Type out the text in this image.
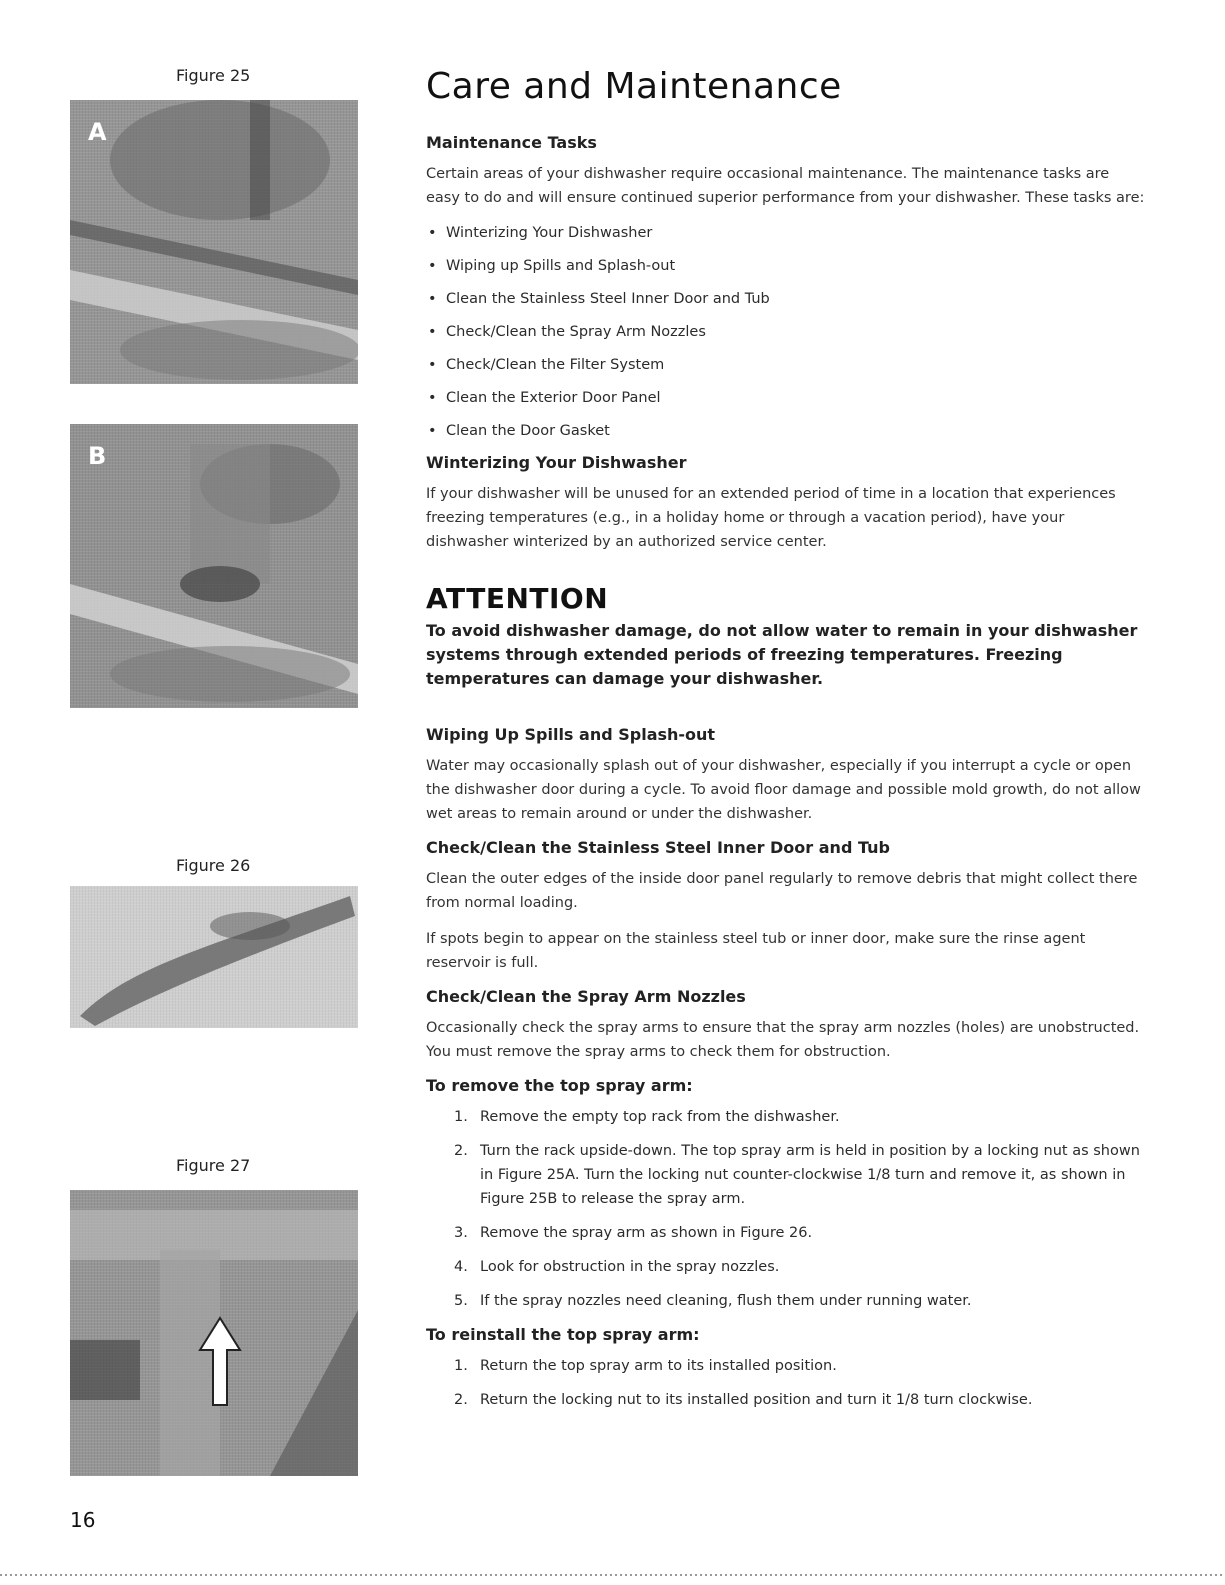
Figure 25
A
B
Figure 26
Figure 27
Care and Maintenance
Maintenance Tasks

Certain areas of your dishwasher require occasional maintenance. The maintenance tasks are easy to do and will ensure continued superior performance from your dishwasher. These tasks are:

• Winterizing Your Dishwasher
• Wiping up Spills and Splash-out
• Clean the Stainless Steel Inner Door and Tub
• Check/Clean the Spray Arm Nozzles
• Check/Clean the Filter System
• Clean the Exterior Door Panel
• Clean the Door Gasket
Winterizing Your Dishwasher

If your dishwasher will be unused for an extended period of time in a location that experiences freezing temperatures (e.g., in a holiday home or through a vacation period), have your dishwasher winterized by an authorized service center.

ATTENTION

To avoid dishwasher damage, do not allow water to remain in your dishwasher systems through extended periods of freezing temperatures. Freezing temperatures can damage your dishwasher.

Wiping Up Spills and Splash-out

Water may occasionally splash out of your dishwasher, especially if you interrupt a cycle or open the dishwasher door during a cycle. To avoid floor damage and possible mold growth, do not allow wet areas to remain around or under the dishwasher.

Check/Clean the Stainless Steel Inner Door and Tub

Clean the outer edges of the inside door panel regularly to remove debris that might collect there from normal loading.

If spots begin to appear on the stainless steel tub or inner door, make sure the rinse agent reservoir is full.

Check/Clean the Spray Arm Nozzles

Occasionally check the spray arms to ensure that the spray arm nozzles (holes) are unobstructed. You must remove the spray arms to check them for obstruction.

To remove the top spray arm:
1. Remove the empty top rack from the dishwasher.
2. Turn the rack upside-down. The top spray arm is held in position by a locking nut as shown in Figure 25A. Turn the locking nut counter-clockwise 1/8 turn and remove it, as shown in Figure 25B to release the spray arm.
3. Remove the spray arm as shown in Figure 26.
4. Look for obstruction in the spray nozzles.
5. If the spray nozzles need cleaning, flush them under running water.
To reinstall the top spray arm:
1. Return the top spray arm to its installed position.
2. Return the locking nut to its installed position and turn it 1/8 turn clockwise.
16
